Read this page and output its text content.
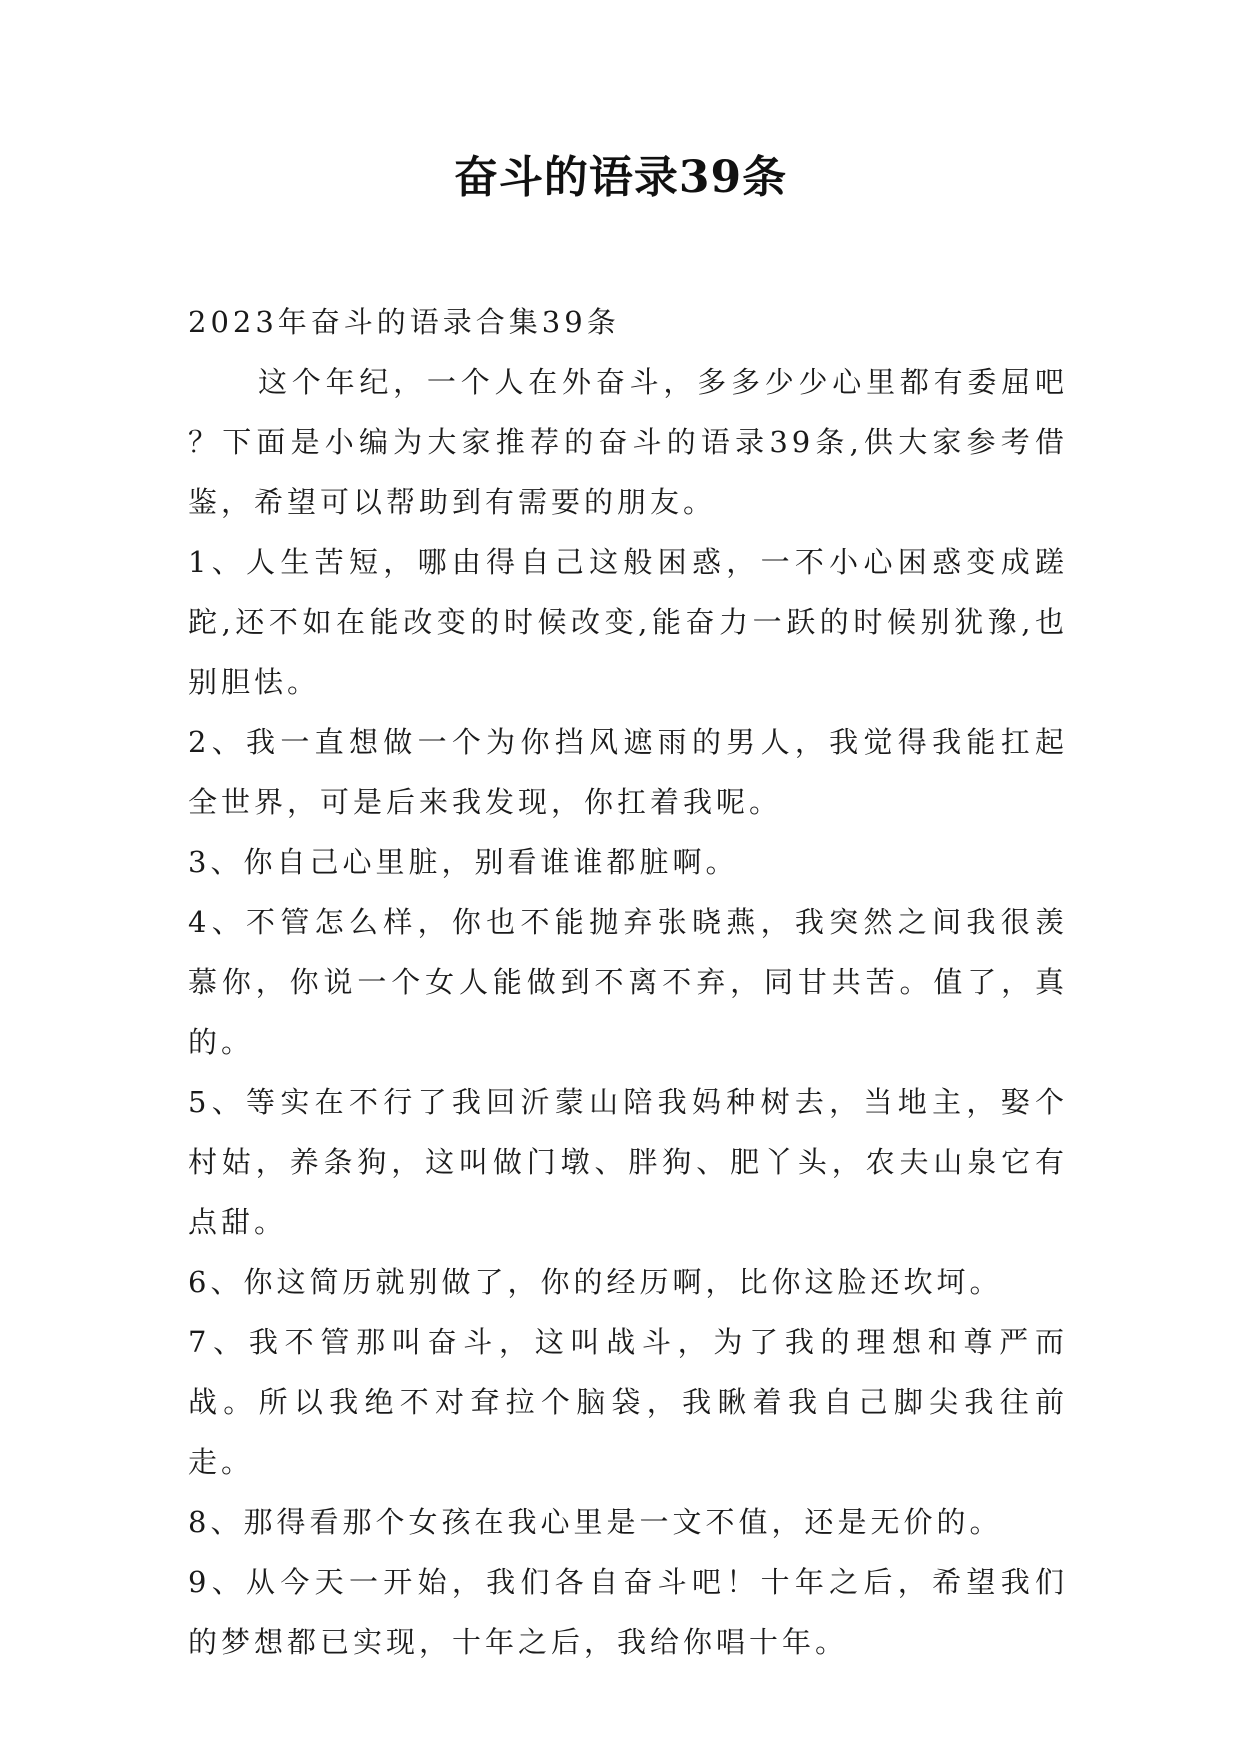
奋斗的语录39条

2023年奋斗的语录合集39条

这个年纪，一个人在外奋斗，多多少少心里都有委屈吧 ？下面是小编为大家推荐的奋斗的语录39条,供大家参考借鉴，希望可以帮助到有需要的朋友。

1、人生苦短，哪由得自己这般困惑，一不小心困惑变成蹉跎,还不如在能改变的时候改变,能奋力一跃的时候别犹豫,也别胆怯。

2、我一直想做一个为你挡风遮雨的男人，我觉得我能扛起全世界，可是后来我发现，你扛着我呢。

3、你自己心里脏，别看谁谁都脏啊。

4、不管怎么样，你也不能抛弃张晓燕，我突然之间我很羡慕你，你说一个女人能做到不离不弃，同甘共苦。值了，真的。

5、等实在不行了我回沂蒙山陪我妈种树去，当地主，娶个村姑，养条狗，这叫做门墩、胖狗、肥丫头，农夫山泉它有点甜。

6、你这简历就别做了，你的经历啊，比你这脸还坎坷。

7、我不管那叫奋斗，这叫战斗，为了我的理想和尊严而战。所以我绝不对耷拉个脑袋，我瞅着我自己脚尖我往前走。

8、那得看那个女孩在我心里是一文不值，还是无价的。

9、从今天一开始，我们各自奋斗吧！十年之后，希望我们的梦想都已实现，十年之后，我给你唱十年。
